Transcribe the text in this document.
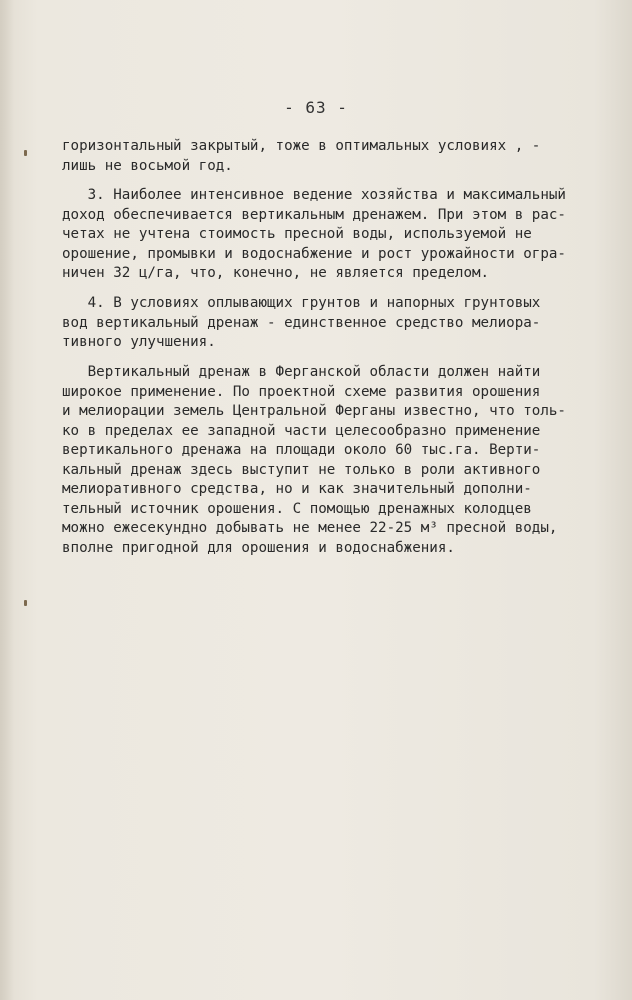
- 63 -
горизонтальный закрытый, тоже в оптимальных условиях , -
лишь не восьмой год.
3. Наиболее интенсивное ведение хозяйства и максимальный
доход обеспечивается вертикальным дренажем. При этом в рас-
четах не учтена стоимость пресной воды, используемой не
орошение, промывки и водоснабжение и рост урожайности огра-
ничен 32 ц/га, что, конечно, не является пределом.
4. В условиях оплывающих грунтов и напорных грунтовых
вод вертикальный дренаж - единственное средство мелиора-
тивного улучшения.
Вертикальный дренаж в Ферганской области должен найти
широкое применение. По проектной схеме развития орошения
и мелиорации земель Центральной Ферганы известно, что толь-
ко в пределах ее западной части целесообразно применение
вертикального дренажа на площади около 60 тыс.га. Верти-
кальный дренаж здесь выступит не только в роли активного
мелиоративного средства, но и как значительный дополни-
тельный источник орошения. С помощью дренажных колодцев
можно ежесекундно добывать не менее 22-25 м³ пресной воды,
вполне пригодной для орошения и водоснабжения.
